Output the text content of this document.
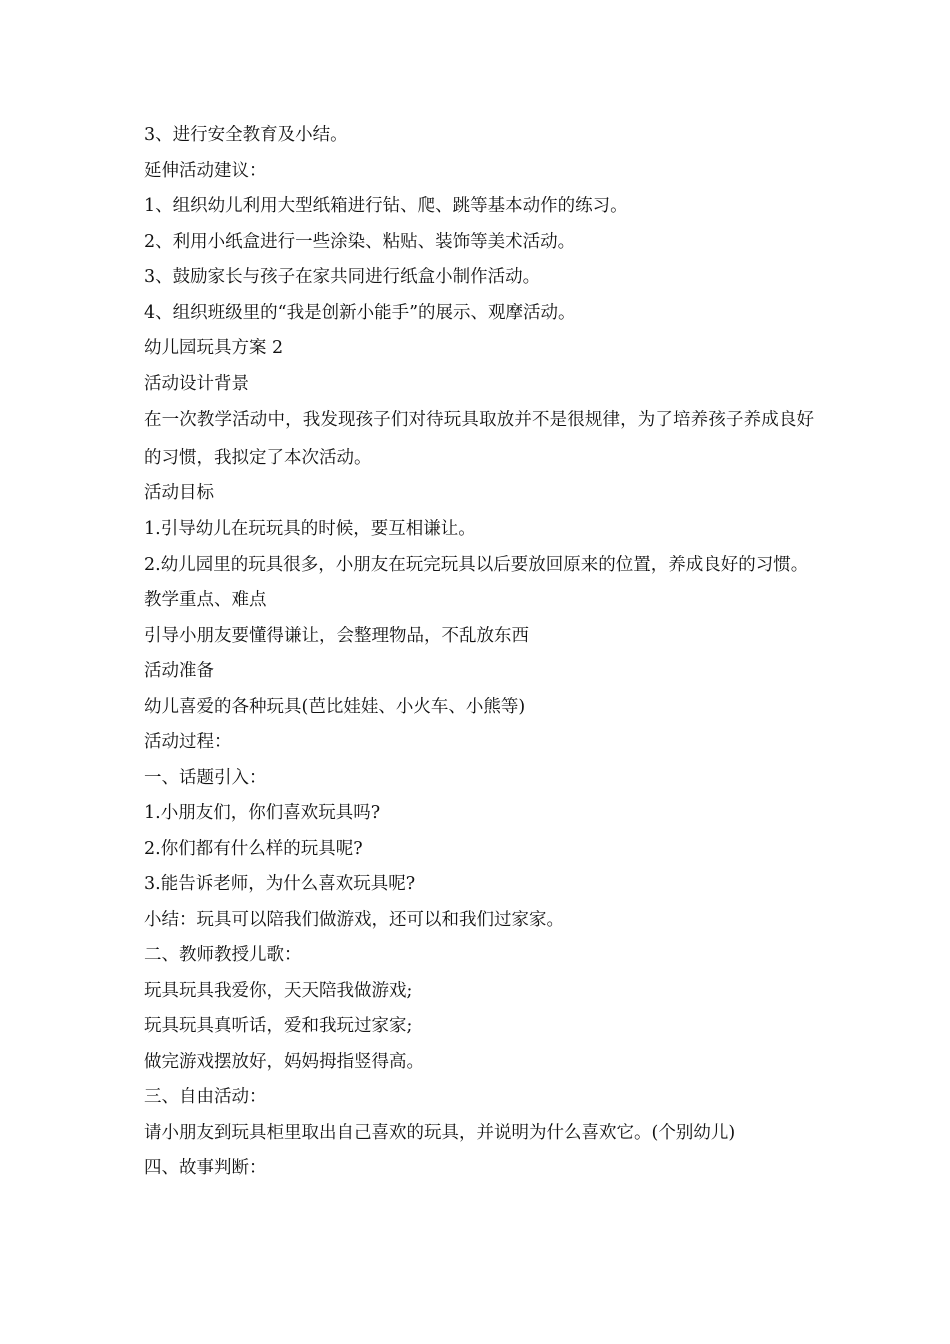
3、进行安全教育及小结。
延伸活动建议：
1、组织幼儿利用大型纸箱进行钻、爬、跳等基本动作的练习。
2、利用小纸盒进行一些涂染、粘贴、装饰等美术活动。
3、鼓励家长与孩子在家共同进行纸盒小制作活动。
4、组织班级里的“我是创新小能手”的展示、观摩活动。
幼儿园玩具方案 2
活动设计背景
在一次教学活动中，我发现孩子们对待玩具取放并不是很规律，为了培养孩子养成良好的习惯，我拟定了本次活动。
活动目标
1.引导幼儿在玩玩具的时候，要互相谦让。
2.幼儿园里的玩具很多，小朋友在玩完玩具以后要放回原来的位置，养成良好的习惯。
教学重点、难点
引导小朋友要懂得谦让，会整理物品，不乱放东西
活动准备
幼儿喜爱的各种玩具(芭比娃娃、小火车、小熊等)
活动过程：
一、话题引入：
1.小朋友们，你们喜欢玩具吗?
2.你们都有什么样的玩具呢?
3.能告诉老师，为什么喜欢玩具呢?
小结：玩具可以陪我们做游戏，还可以和我们过家家。
二、教师教授儿歌：
玩具玩具我爱你，天天陪我做游戏;
玩具玩具真听话，爱和我玩过家家;
做完游戏摆放好，妈妈拇指竖得高。
三、自由活动：
请小朋友到玩具柜里取出自己喜欢的玩具，并说明为什么喜欢它。(个别幼儿)
四、故事判断：
